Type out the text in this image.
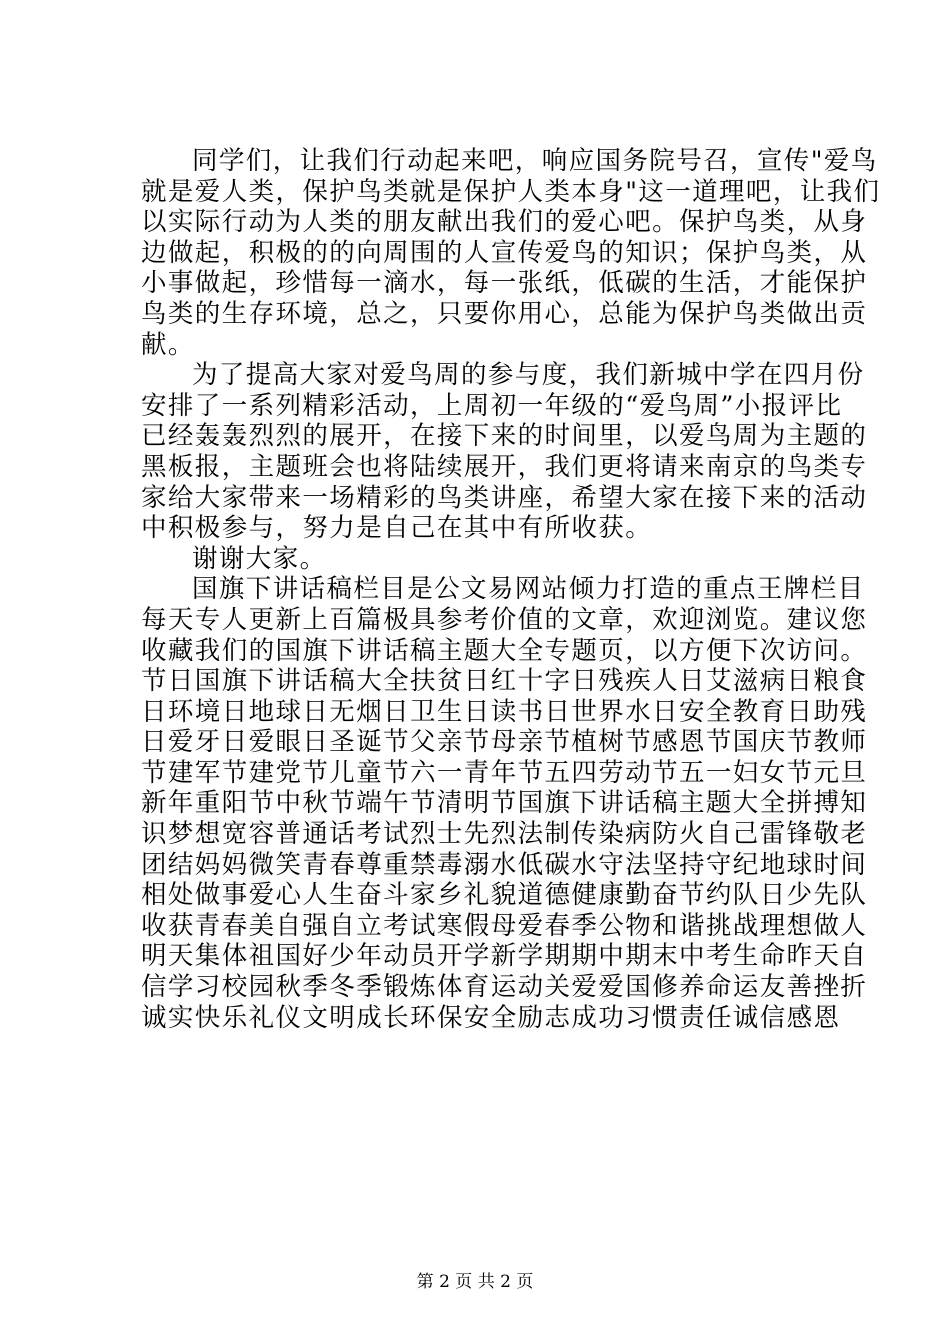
同学们，让我们行动起来吧，响应国务院号召，宣传"爱鸟
就是爱人类，保护鸟类就是保护人类本身"这一道理吧，让我们
以实际行动为人类的朋友献出我们的爱心吧。保护鸟类，从身
边做起，积极的的向周围的人宣传爱鸟的知识；保护鸟类，从
小事做起，珍惜每一滴水，每一张纸，低碳的生活，才能保护
鸟类的生存环境，总之，只要你用心，总能为保护鸟类做出贡
献。
为了提高大家对爱鸟周的参与度，我们新城中学在四月份
安排了一系列精彩活动，上周初一年级的“爱鸟周”小报评比
已经轰轰烈烈的展开，在接下来的时间里，以爱鸟周为主题的
黑板报，主题班会也将陆续展开，我们更将请来南京的鸟类专
家给大家带来一场精彩的鸟类讲座，希望大家在接下来的活动
中积极参与，努力是自己在其中有所收获。
谢谢大家。
国旗下讲话稿栏目是公文易网站倾力打造的重点王牌栏目
每天专人更新上百篇极具参考价值的文章，欢迎浏览。建议您
收藏我们的国旗下讲话稿主题大全专题页，以方便下次访问。
节日国旗下讲话稿大全扶贫日红十字日残疾人日艾滋病日粮食
日环境日地球日无烟日卫生日读书日世界水日安全教育日助残
日爱牙日爱眼日圣诞节父亲节母亲节植树节感恩节国庆节教师
节建军节建党节儿童节六一青年节五四劳动节五一妇女节元旦
新年重阳节中秋节端午节清明节国旗下讲话稿主题大全拼搏知
识梦想宽容普通话考试烈士先烈法制传染病防火自己雷锋敬老
团结妈妈微笑青春尊重禁毒溺水低碳水守法坚持守纪地球时间
相处做事爱心人生奋斗家乡礼貌道德健康勤奋节约队日少先队
收获青春美自强自立考试寒假母爱春季公物和谐挑战理想做人
明天集体祖国好少年动员开学新学期期中期末中考生命昨天自
信学习校园秋季冬季锻炼体育运动关爱爱国修养命运友善挫折
诚实快乐礼仪文明成长环保安全励志成功习惯责任诚信感恩
第 2 页 共 2 页
